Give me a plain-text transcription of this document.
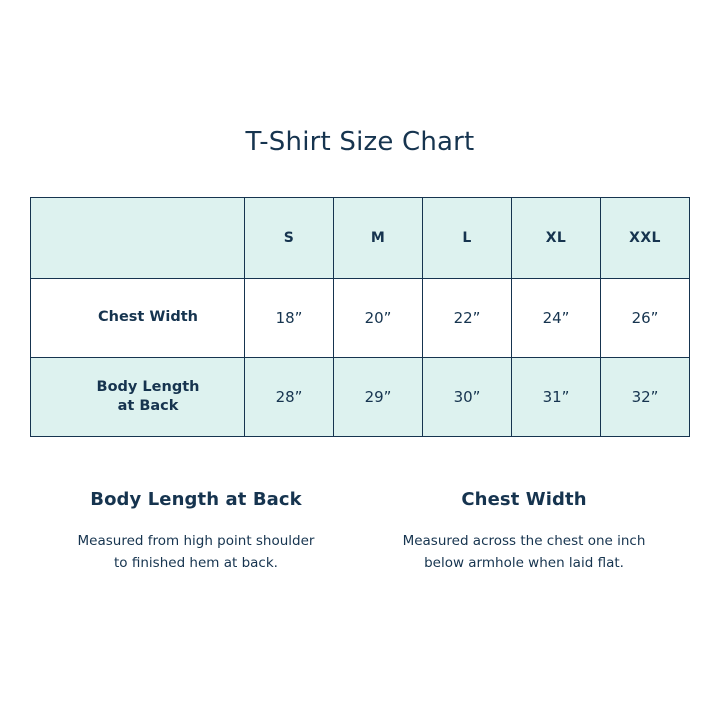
T-Shirt Size Chart
	S	M	L	XL	XXL
Chest Width	18”	20”	22”	24”	26”
Body Length
at Back	28”	29”	30”	31”	32”
Body Length at Back

Measured from high point shoulder
to finished hem at back.

Chest Width

Measured across the chest one inch
below armhole when laid flat.
